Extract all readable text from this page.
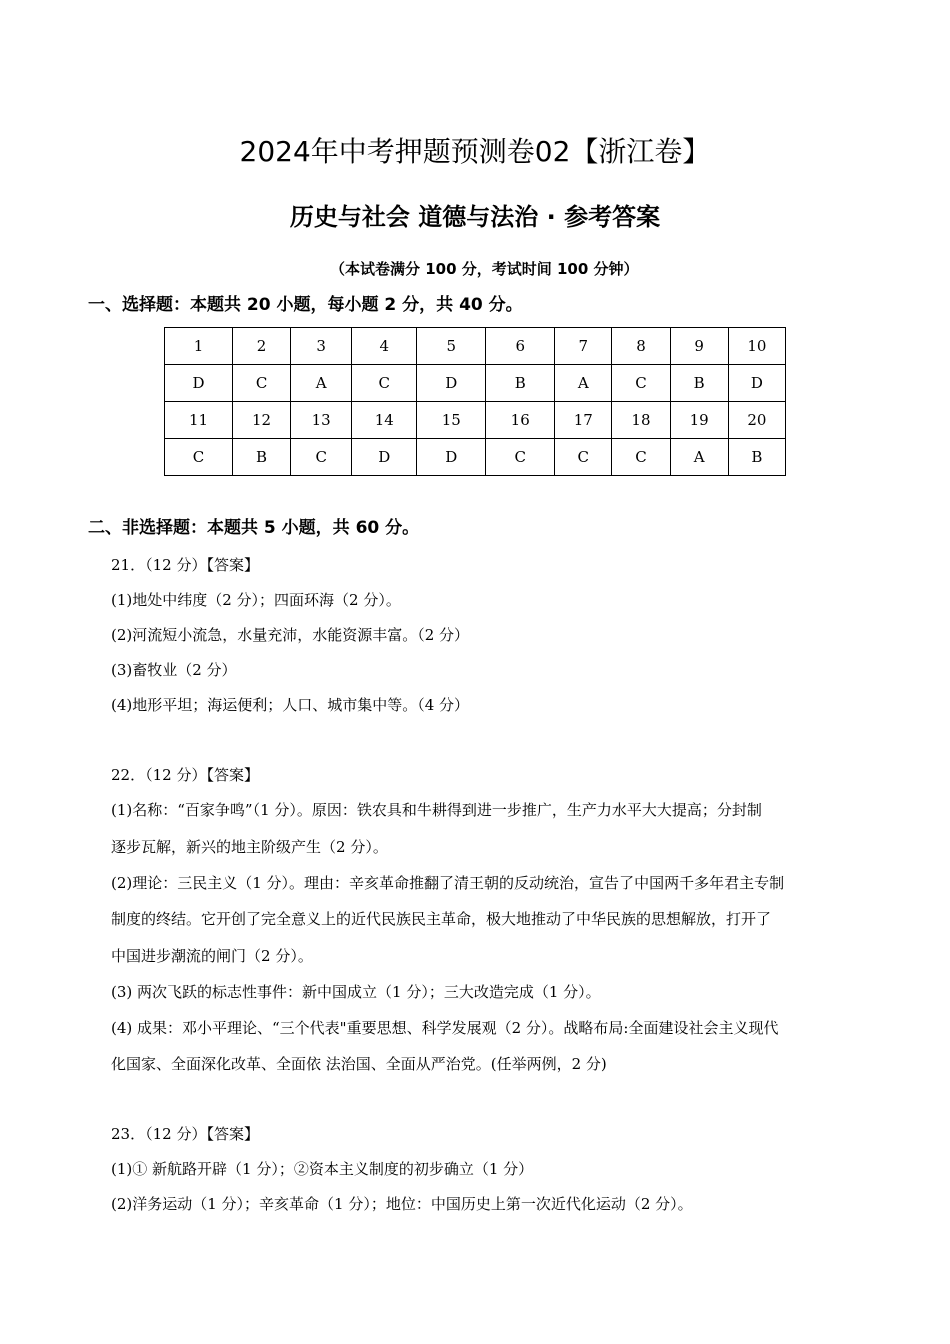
2024年中考押题预测卷02【浙江卷】
历史与社会 道德与法治 · 参考答案
（本试卷满分 100 分，考试时间 100 分钟）
一、选择题：本题共 20 小题，每小题 2 分，共 40 分。
1	2	3	4	5	6	7	8	9	10
D	C	A	C	D	B	A	C	B	D
11	12	13	14	15	16	17	18	19	20
C	B	C	D	D	C	C	C	A	B
二、非选择题：本题共 5 小题，共 60 分。
21．（12 分）【答案】
(1)地处中纬度（2 分）；四面环海（2 分）。
(2)河流短小流急，水量充沛，水能资源丰富。（2 分）
(3)畜牧业（2 分）
(4)地形平坦；海运便利；人口、城市集中等。（4 分）
22．（12 分）【答案】
(1)名称：“百家争鸣”（1 分）。原因：铁农具和牛耕得到进一步推广，生产力水平大大提高；分封制
逐步瓦解，新兴的地主阶级产生（2 分）。
(2)理论：三民主义（1 分）。理由：辛亥革命推翻了清王朝的反动统治，宣告了中国两千多年君主专制
制度的终结。它开创了完全意义上的近代民族民主革命，极大地推动了中华民族的思想解放，打开了
中国进步潮流的闸门（2 分）。
(3) 两次飞跃的标志性事件：新中国成立（1 分）；三大改造完成（1 分）。
(4) 成果：邓小平理论、“三个代表"重要思想、科学发展观（2 分）。战略布局:全面建设社会主义现代
化国家、全面深化改革、全面依 法治国、全面从严治党。(任举两例，2 分)
23．（12 分）【答案】
(1)① 新航路开辟（1 分）；②资本主义制度的初步确立（1 分）
(2)洋务运动（1 分）；辛亥革命（1 分）；地位：中国历史上第一次近代化运动（2 分）。
